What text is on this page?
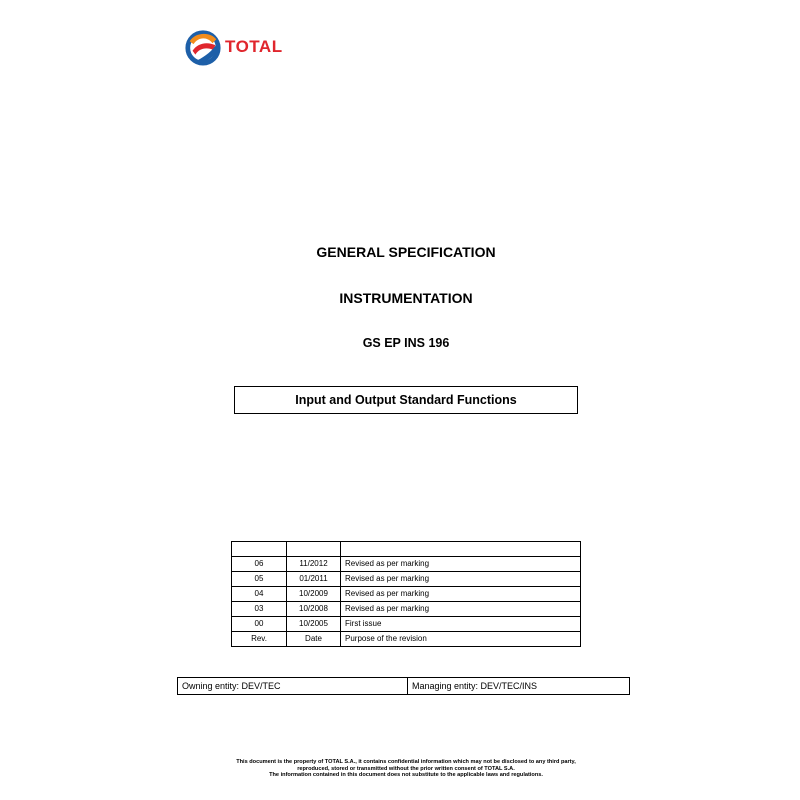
TOTAL
GENERAL SPECIFICATION
INSTRUMENTATION
GS EP INS 196
Input and Output Standard Functions

06	11/2012	Revised as per marking
05	01/2011	Revised as per marking
04	10/2009	Revised as per marking
03	10/2008	Revised as per marking
00	10/2005	First issue
Rev.	Date	Purpose of the revision
Owning entity: DEV/TEC	Managing entity: DEV/TEC/INS
This document is the property of TOTAL S.A., it contains confidential information which may not be disclosed to any third party,
reproduced, stored or transmitted without the prior written consent of TOTAL S.A.
The information contained in this document does not substitute to the applicable laws and regulations.
